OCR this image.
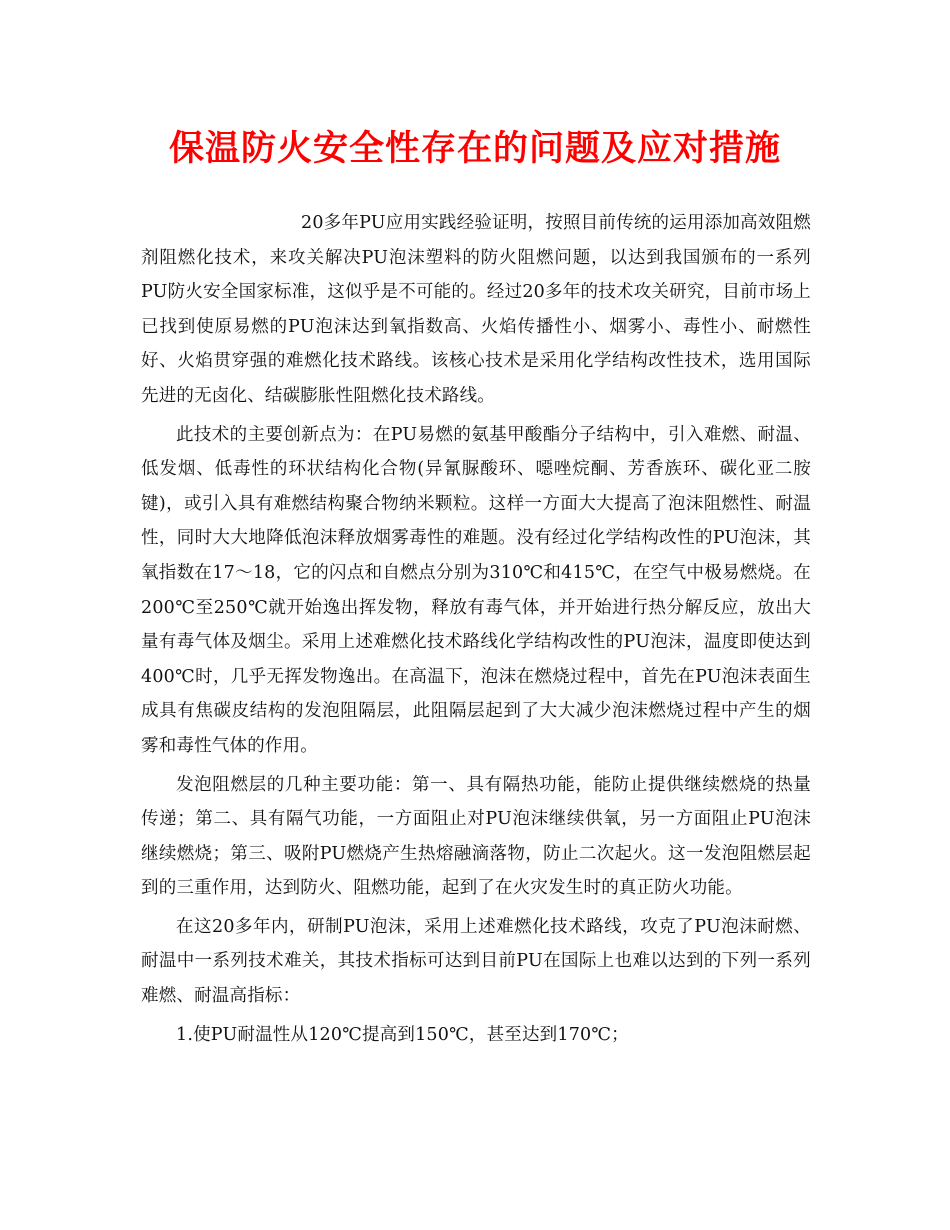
保温防火安全性存在的问题及应对措施

20多年PU应用实践经验证明，按照目前传统的运用添加高效阻燃剂阻燃化技术，来攻关解决PU泡沫塑料的防火阻燃问题，以达到我国颁布的一系列PU防火安全国家标准，这似乎是不可能的。经过20多年的技术攻关研究，目前市场上已找到使原易燃的PU泡沫达到氧指数高、火焰传播性小、烟雾小、毒性小、耐燃性好、火焰贯穿强的难燃化技术路线。该核心技术是采用化学结构改性技术，选用国际先进的无卤化、结碳膨胀性阻燃化技术路线。

此技术的主要创新点为：在PU易燃的氨基甲酸酯分子结构中，引入难燃、耐温、低发烟、低毒性的环状结构化合物(异氰脲酸环、噁唑烷酮、芳香族环、碳化亚二胺键)，或引入具有难燃结构聚合物纳米颗粒。这样一方面大大提高了泡沫阻燃性、耐温性，同时大大地降低泡沫释放烟雾毒性的难题。没有经过化学结构改性的PU泡沫，其氧指数在17～18，它的闪点和自燃点分别为310℃和415℃，在空气中极易燃烧。在200℃至250℃就开始逸出挥发物，释放有毒气体，并开始进行热分解反应，放出大量有毒气体及烟尘。采用上述难燃化技术路线化学结构改性的PU泡沫，温度即使达到400℃时，几乎无挥发物逸出。在高温下，泡沫在燃烧过程中，首先在PU泡沫表面生成具有焦碳皮结构的发泡阻隔层，此阻隔层起到了大大减少泡沫燃烧过程中产生的烟雾和毒性气体的作用。

发泡阻燃层的几种主要功能：第一、具有隔热功能，能防止提供继续燃烧的热量传递；第二、具有隔气功能，一方面阻止对PU泡沫继续供氧，另一方面阻止PU泡沫继续燃烧；第三、吸附PU燃烧产生热熔融滴落物，防止二次起火。这一发泡阻燃层起到的三重作用，达到防火、阻燃功能，起到了在火灾发生时的真正防火功能。

在这20多年内，研制PU泡沫，采用上述难燃化技术路线，攻克了PU泡沫耐燃、耐温中一系列技术难关，其技术指标可达到目前PU在国际上也难以达到的下列一系列难燃、耐温高指标：

1.使PU耐温性从120℃提高到150℃，甚至达到170℃；
